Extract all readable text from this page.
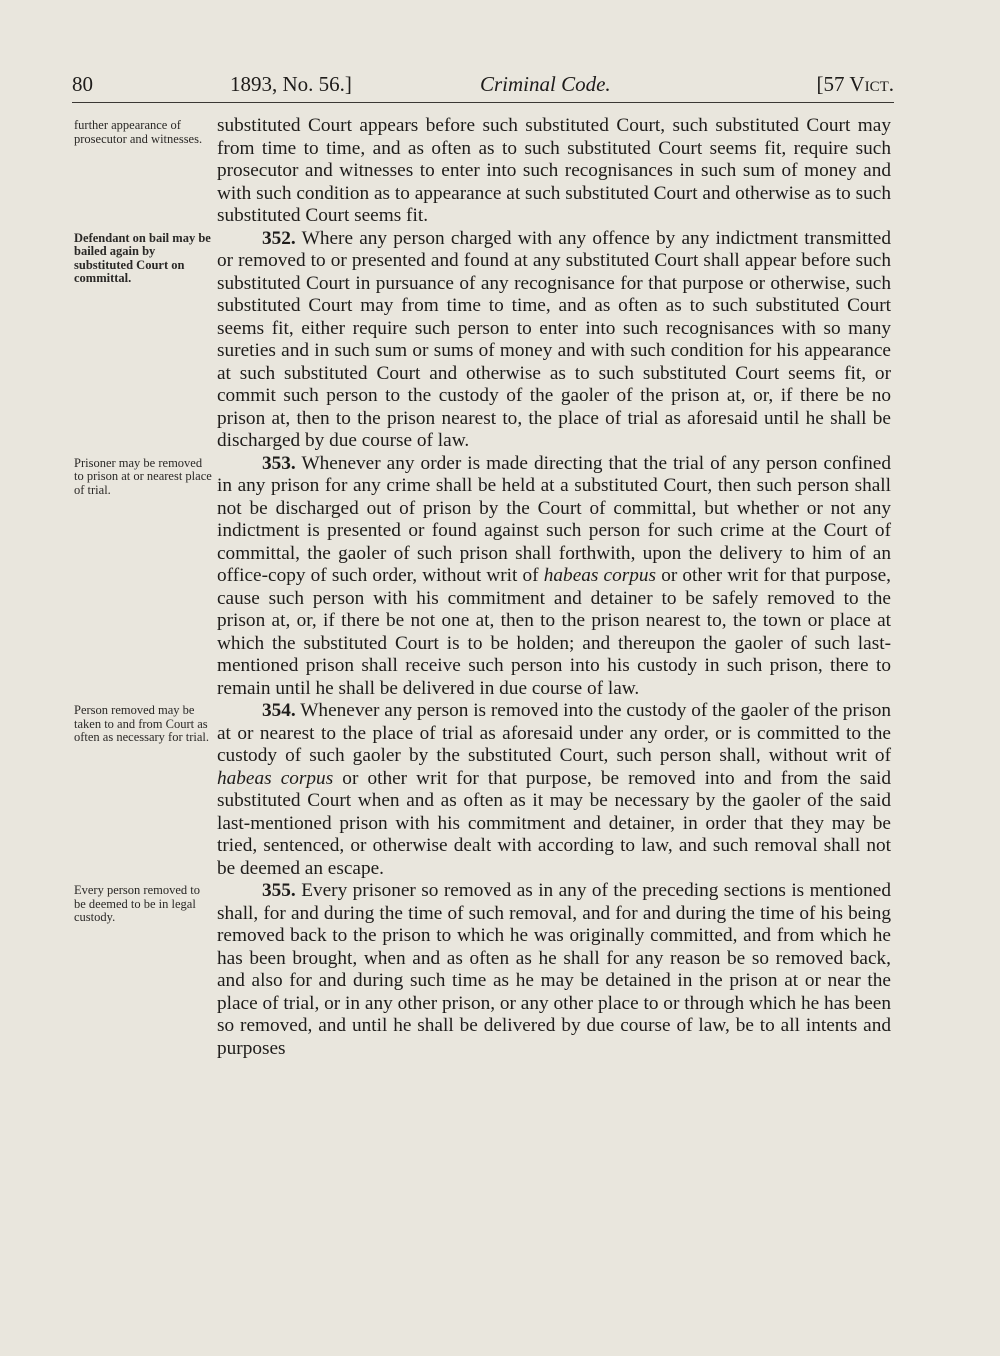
80	1893, No. 56.]	Criminal Code.	[57 Vict.
further appearance of prosecutor and witnesses.
substituted Court appears before such substituted Court, such substituted Court may from time to time, and as often as to such substituted Court seems fit, require such prosecutor and witnesses to enter into such recognisances in such sum of money and with such condition as to appearance at such substituted Court and otherwise as to such substituted Court seems fit.
Defendant on bail may be bailed again by substituted Court on committal.
352. Where any person charged with any offence by any indictment transmitted or removed to or presented and found at any substituted Court shall appear before such substituted Court in pursuance of any recognisance for that purpose or otherwise, such substituted Court may from time to time, and as often as to such substituted Court seems fit, either require such person to enter into such recognisances with so many sureties and in such sum or sums of money and with such condition for his appearance at such substituted Court and otherwise as to such substituted Court seems fit, or commit such person to the custody of the gaoler of the prison at, or, if there be no prison at, then to the prison nearest to, the place of trial as aforesaid until he shall be discharged by due course of law.
Prisoner may be removed to prison at or nearest place of trial.
353. Whenever any order is made directing that the trial of any person confined in any prison for any crime shall be held at a substituted Court, then such person shall not be discharged out of prison by the Court of committal, but whether or not any indictment is presented or found against such person for such crime at the Court of committal, the gaoler of such prison shall forthwith, upon the delivery to him of an office-copy of such order, without writ of habeas corpus or other writ for that purpose, cause such person with his commitment and detainer to be safely removed to the prison at, or, if there be not one at, then to the prison nearest to, the town or place at which the substituted Court is to be holden; and thereupon the gaoler of such last-mentioned prison shall receive such person into his custody in such prison, there to remain until he shall be delivered in due course of law.
Person removed may be taken to and from Court as often as necessary for trial.
354. Whenever any person is removed into the custody of the gaoler of the prison at or nearest to the place of trial as aforesaid under any order, or is committed to the custody of such gaoler by the substituted Court, such person shall, without writ of habeas corpus or other writ for that purpose, be removed into and from the said substituted Court when and as often as it may be necessary by the gaoler of the said last-mentioned prison with his commitment and detainer, in order that they may be tried, sentenced, or otherwise dealt with according to law, and such removal shall not be deemed an escape.
Every person removed to be deemed to be in legal custody.
355. Every prisoner so removed as in any of the preceding sections is mentioned shall, for and during the time of such removal, and for and during the time of his being removed back to the prison to which he was originally committed, and from which he has been brought, when and as often as he shall for any reason be so removed back, and also for and during such time as he may be detained in the prison at or near the place of trial, or in any other prison, or any other place to or through which he has been so removed, and until he shall be delivered by due course of law, be to all intents and purposes
